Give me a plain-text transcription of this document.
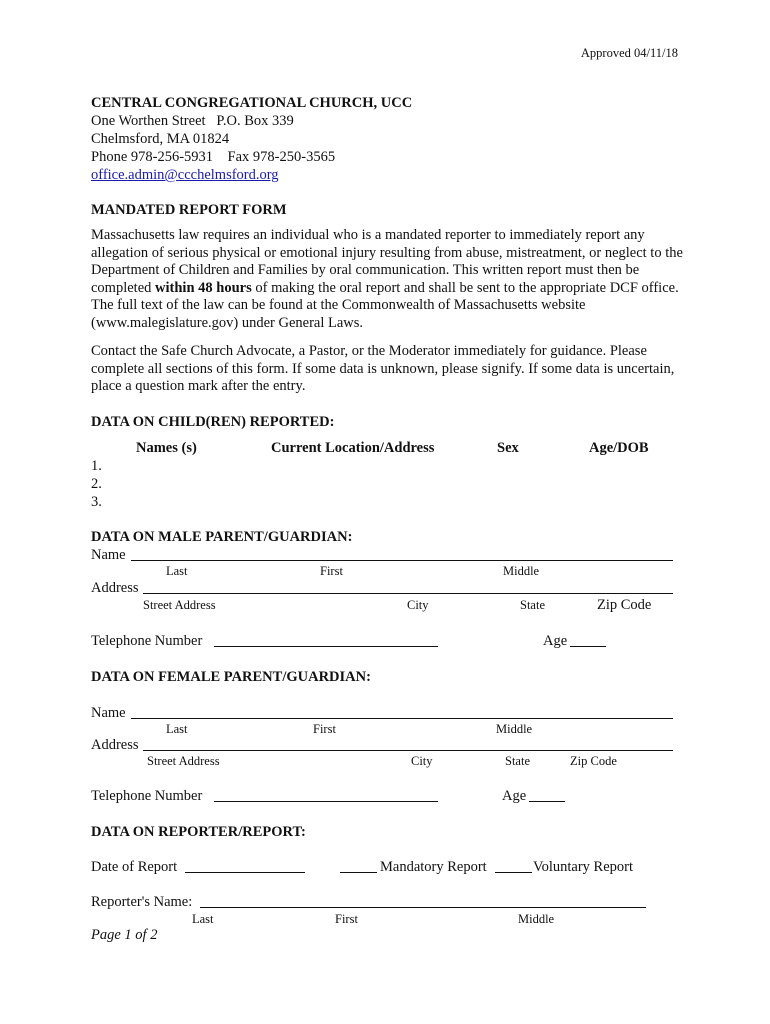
Approved 04/11/18
CENTRAL CONGREGATIONAL CHURCH, UCC
One Worthen Street   P.O. Box 339
Chelmsford, MA 01824
Phone 978-256-5931    Fax 978-250-3565
office.admin@ccchelmsford.org
MANDATED REPORT FORM
Massachusetts law requires an individual who is a mandated reporter to immediately report any allegation of serious physical or emotional injury resulting from abuse, mistreatment, or neglect to the Department of Children and Families by oral communication. This written report must then be completed within 48 hours of making the oral report and shall be sent to the appropriate DCF office. The full text of the law can be found at the Commonwealth of Massachusetts website (www.malegislature.gov) under General Laws.
Contact the Safe Church Advocate, a Pastor, or the Moderator immediately for guidance. Please complete all sections of this form. If some data is unknown, please signify. If some data is uncertain, place a question mark after the entry.
DATA ON CHILD(REN) REPORTED:
Names (s)	Current Location/Address	Sex	Age/DOB
1.
2.
3.
DATA ON MALE PARENT/GUARDIAN:
Name
Last	First	Middle
Address
Street Address	City	State	Zip Code
Telephone Number	Age
DATA ON FEMALE PARENT/GUARDIAN:
Name
Last	First	Middle
Address
Street Address	City	State	Zip Code
Telephone Number	Age
DATA ON REPORTER/REPORT:
Date of Report	Mandatory Report	Voluntary Report
Reporter's Name:
Last	First	Middle
Page 1 of 2
